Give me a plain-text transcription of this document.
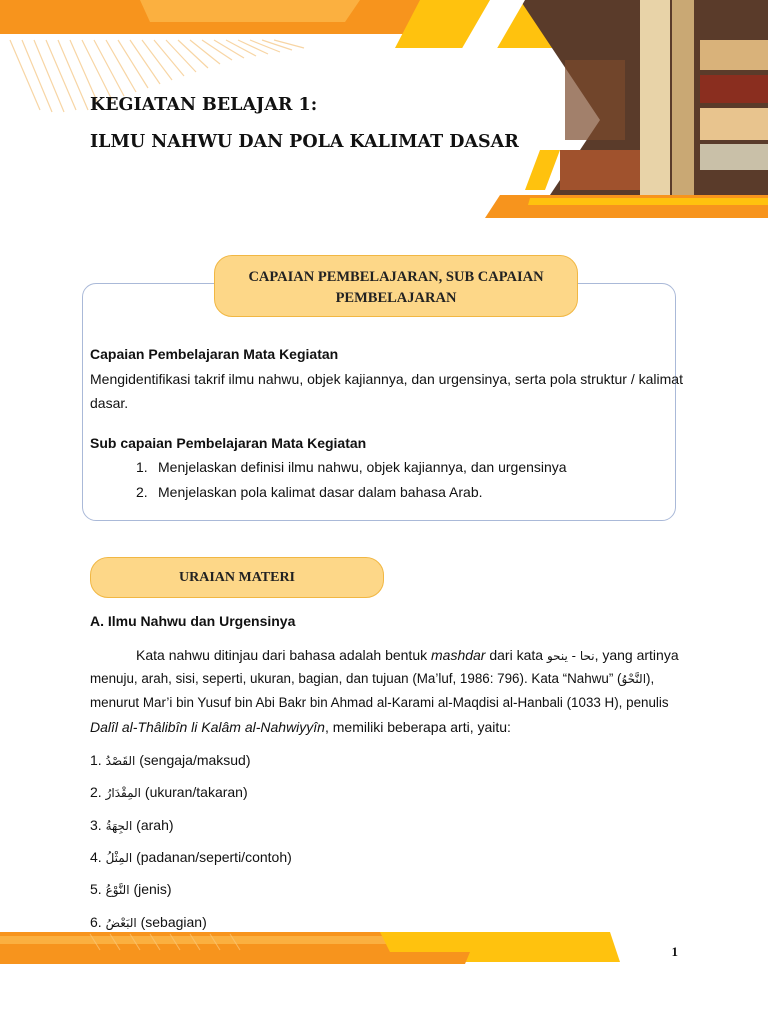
KEGIATAN BELAJAR 1:
ILMU NAHWU DAN POLA KALIMAT DASAR
CAPAIAN PEMBELAJARAN, SUB CAPAIAN
PEMBELAJARAN
Capaian Pembelajaran Mata Kegiatan
Mengidentifikasi takrif ilmu nahwu, objek kajiannya, dan urgensinya, serta pola struktur / kalimat
dasar.
Sub capaian Pembelajaran Mata Kegiatan
1. Menjelaskan definisi ilmu nahwu, objek kajiannya, dan urgensinya
2. Menjelaskan pola kalimat dasar dalam bahasa Arab.
URAIAN MATERI
A. Ilmu Nahwu dan Urgensinya
Kata nahwu ditinjau dari bahasa adalah bentuk mashdar dari kata نحا - ينحو, yang artinya
menuju, arah, sisi, seperti, ukuran, bagian, dan tujuan (Ma’luf, 1986: 796). Kata “Nahwu” (النَّحْوُ),
menurut Mar’i bin Yusuf bin Abi Bakr bin Ahmad al-Karami al-Maqdisi al-Hanbali (1033 H), penulis
Dalîl al-Thâlibîn li Kalâm al-Nahwiyyîn, memiliki beberapa arti, yaitu:
1. القَصْدُ (sengaja/maksud)
2. المِقْدَارُ (ukuran/takaran)
3. الجِهَةُ (arah)
4. المِثْلُ (padanan/seperti/contoh)
5. النَّوْعُ (jenis)
6. البَعْضُ (sebagian)
1
